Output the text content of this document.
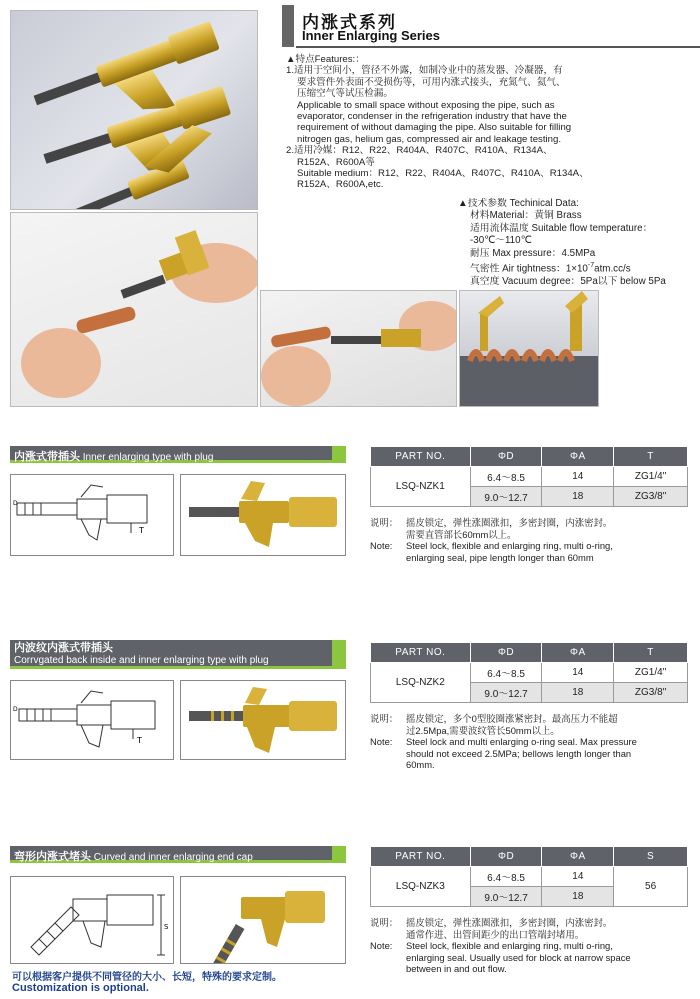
内涨式系列
Inner Enlarging Series
▲特点Features:：
1.适用于空间小，管径不外露，如制冷业中的蒸发器、冷凝器，有
要求管件外表面不受损伤等，可用内涨式接头，充氮气、氦气、
压缩空气等试压检漏。
Applicable to small space without exposing the pipe, such as
evaporator, condenser in the refrigeration industry that have the
requirement of without damaging the pipe. Also suitable for filling
nitrogen gas, helium gas, compressed air and leakage testing.
2.适用冷媒：R12、R22、R404A、R407C、R410A、R134A、
R152A、R600A等
Suitable medium：R12、R22、R404A、R407C、R410A、R134A、
R152A、R600A,etc.
▲技术参数 Techinical Data:
材料Material：黄铜 Brass
适用流体温度 Suitable flow temperature：
-30℃～110℃
耐压 Max pressure：4.5MPa
气密性 Air tightness：$1\times 10^{-7}atm.cc/s$
真空度 Vacuum degree：5Pa以下 below 5Pa
内涨式带插头 Inner enlarging type with plug
D
T
PART NO.	ΦD	ΦA	T
LSQ-NZK1	6.4～8.5	14	ZG1/4"
	9.0～12.7	18	ZG3/8"
说明： 摇皮锁定，弹性涨圈涨扣，多密封圈，内涨密封。
需要直管部长60mm以上。
Note:	Steel lock, flexible and enlarging ring, multi o-ring,
enlarging seal, pipe length longer than 60mm
内波纹内涨式带插头
Corrvgated back inside and inner enlarging type with plug
D
T
PART NO.	ΦD	ΦA	T
LSQ-NZK2	6.4～8.5	14	ZG1/4"
	9.0～12.7	18	ZG3/8"
说明： 摇皮锁定，多个0型胶圈涨紧密封。最高压力不能超
过2.5Mpa,需要波纹管长50mm以上。
Note:	Steel lock and multi enlarging o-ring seal. Max pressure
should not exceed 2.5MPa; bellows length longer than
60mm.
弯形内涨式堵头 Curved and inner enlarging end cap
S
PART NO.	ΦD	ΦA	S
LSQ-NZK3	6.4～8.5	14	56
	9.0～12.7	18	
说明： 摇皮锁定，弹性涨圈涨扣，多密封圈，内涨密封。
通常作进、出管间距少的出口管端封堵用。
Note:	Steel lock, flexible and enlarging ring, multi o-ring,
enlarging seal. Usually used for block at narrow space
between in and out flow.
可以根据客户提供不同管径的大小、长短，特殊的要求定制。
Customization is optional.
